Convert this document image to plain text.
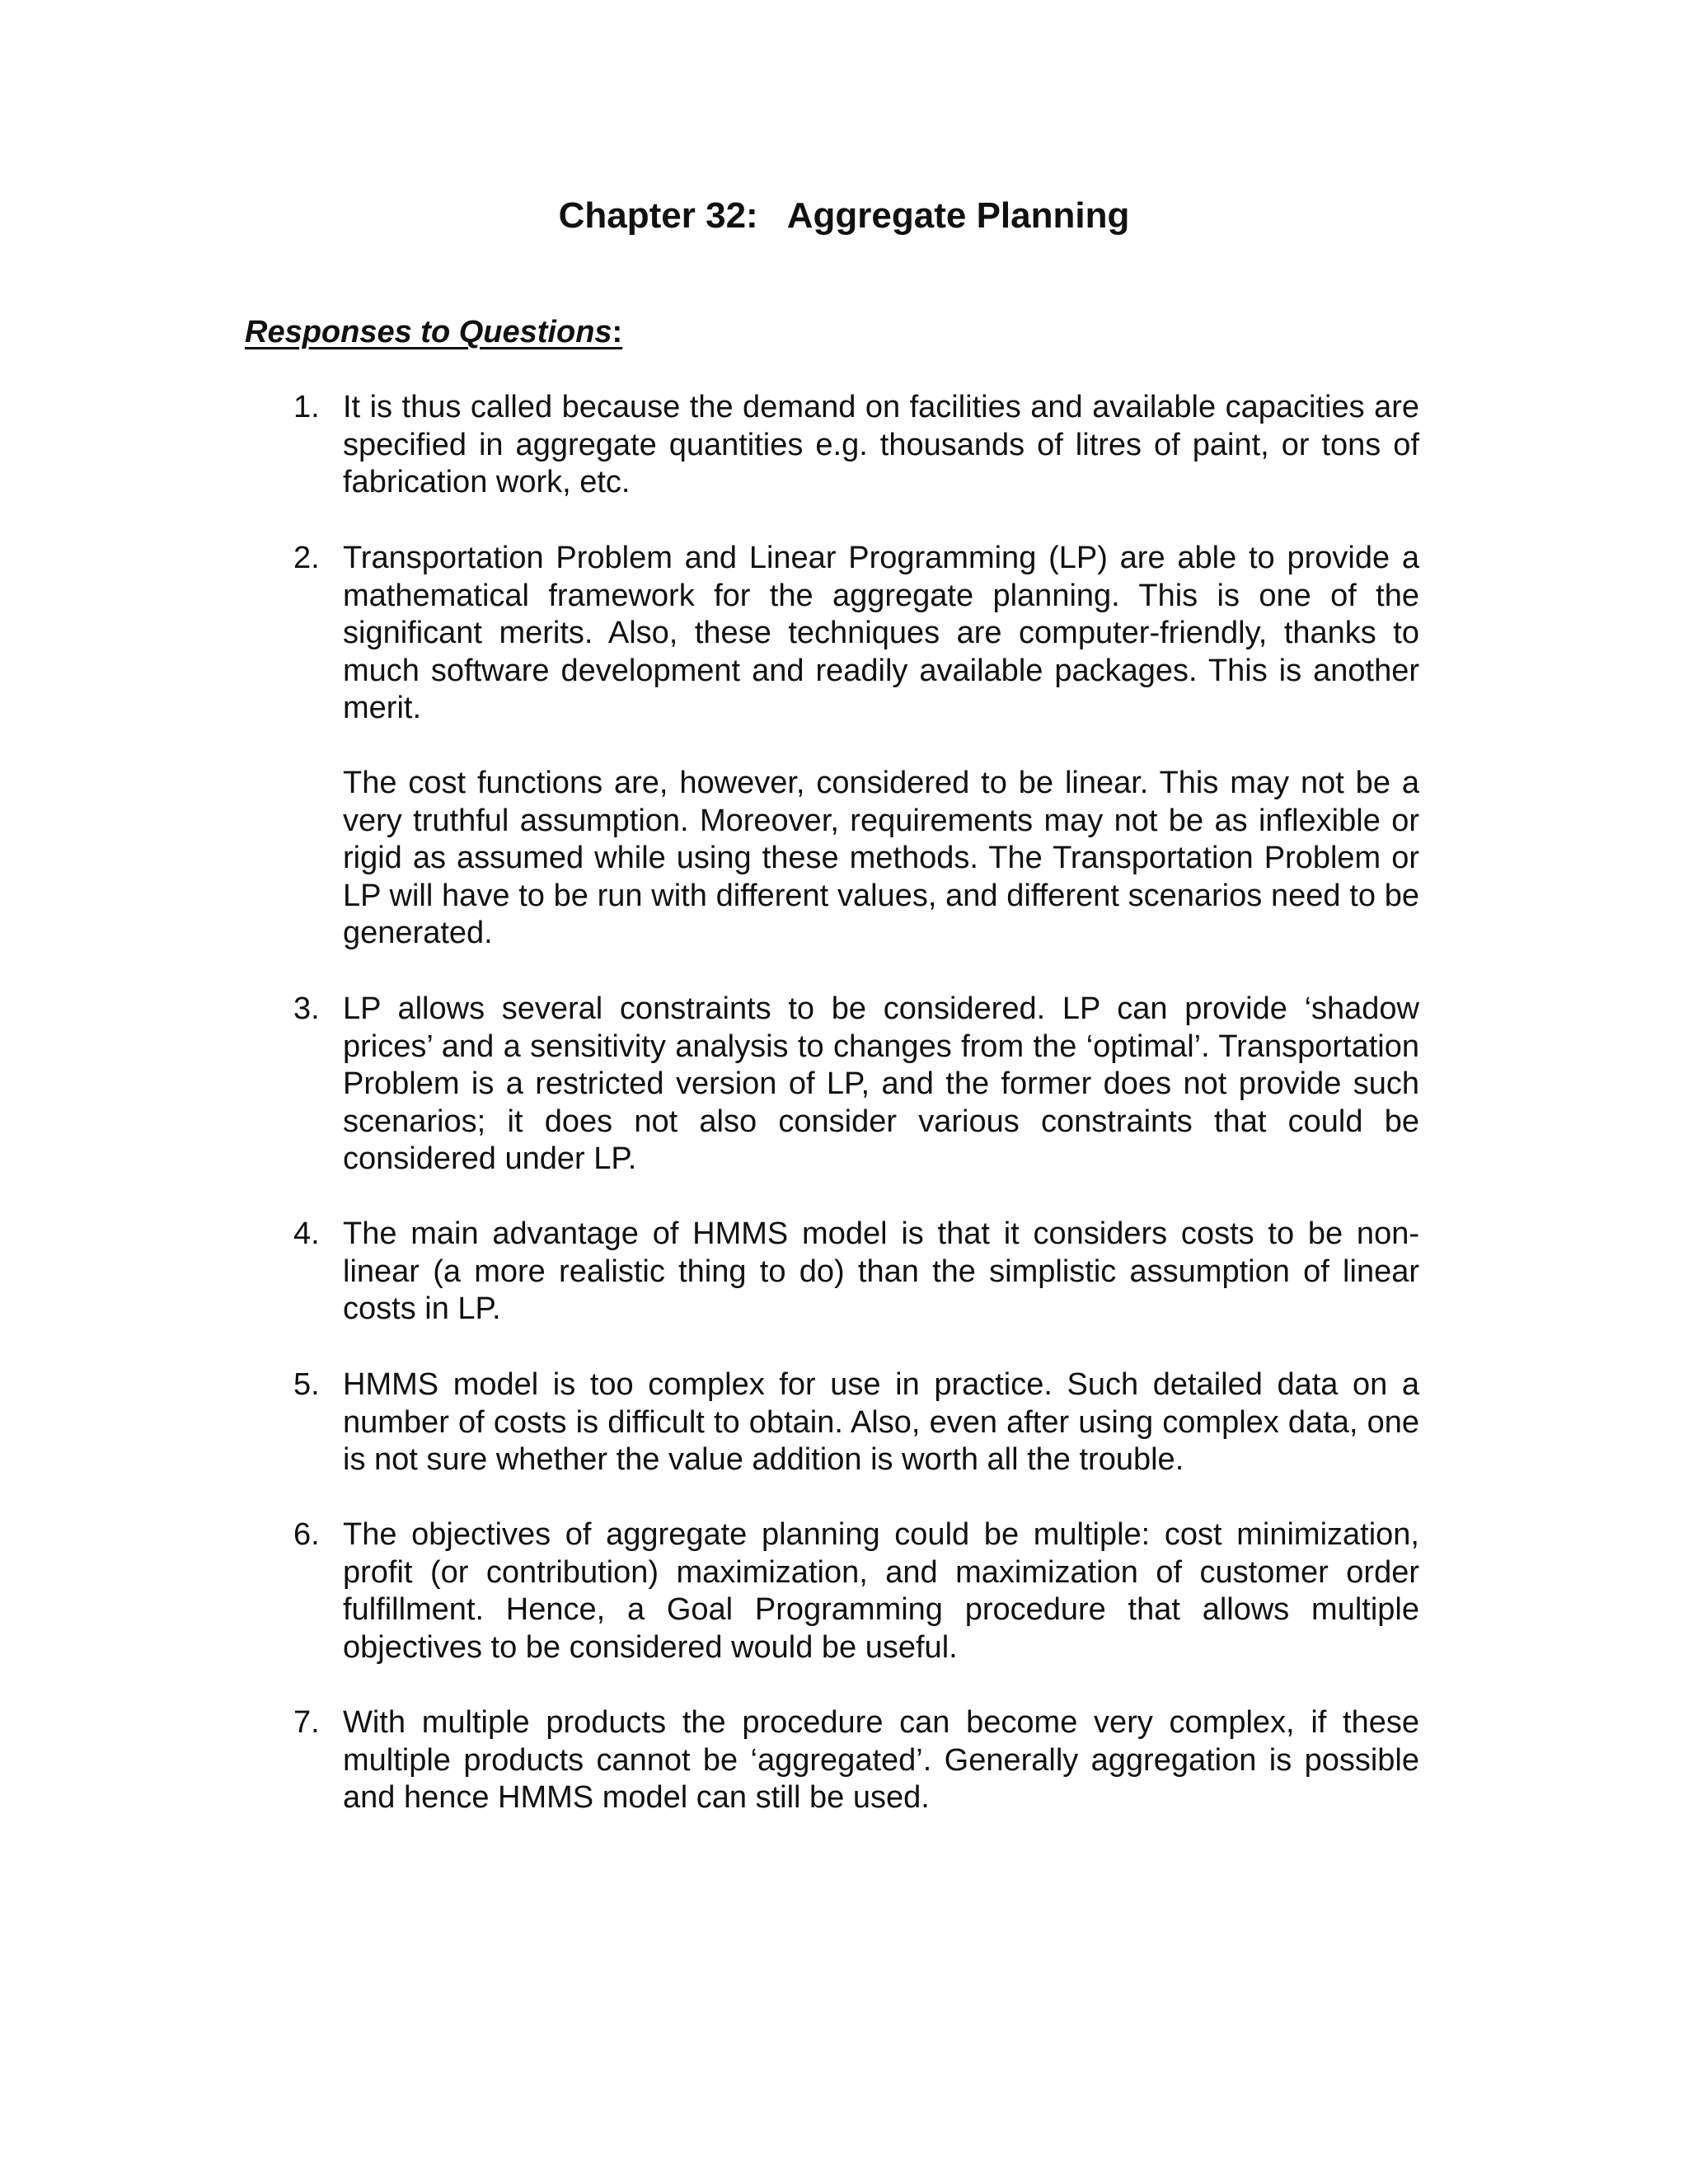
Chapter 32:   Aggregate Planning
Responses to Questions:
1. It is thus called because the demand on facilities and available capacities are specified in aggregate quantities e.g. thousands of litres of paint, or tons of fabrication work, etc.

2. Transportation Problem and Linear Programming (LP) are able to provide a mathematical framework for the aggregate planning. This is one of the significant merits. Also, these techniques are computer-friendly, thanks to much software development and readily available packages. This is another merit.

The cost functions are, however, considered to be linear. This may not be a very truthful assumption. Moreover, requirements may not be as inflexible or rigid as assumed while using these methods. The Transportation Problem or LP will have to be run with different values, and different scenarios need to be generated.

3. LP allows several constraints to be considered. LP can provide ‘shadow prices’ and a sensitivity analysis to changes from the ‘optimal’. Transportation Problem is a restricted version of LP, and the former does not provide such scenarios; it does not also consider various constraints that could be considered under LP.

4. The main advantage of HMMS model is that it considers costs to be non-linear (a more realistic thing to do) than the simplistic assumption of linear costs in LP.

5. HMMS model is too complex for use in practice. Such detailed data on a number of costs is difficult to obtain. Also, even after using complex data, one is not sure whether the value addition is worth all the trouble.

6. The objectives of aggregate planning could be multiple: cost minimization, profit (or contribution) maximization, and maximization of customer order fulfillment. Hence, a Goal Programming procedure that allows multiple objectives to be considered would be useful.

7. With multiple products the procedure can become very complex, if these multiple products cannot be ‘aggregated’. Generally aggregation is possible and hence HMMS model can still be used.
